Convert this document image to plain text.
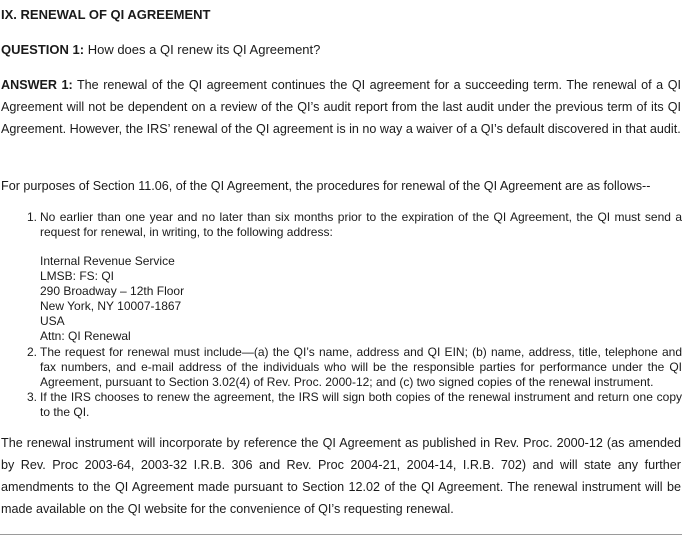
IX. RENEWAL OF QI AGREEMENT
QUESTION 1: How does a QI renew its QI Agreement?
ANSWER 1: The renewal of the QI agreement continues the QI agreement for a succeeding term. The renewal of a QI Agreement will not be dependent on a review of the QI’s audit report from the last audit under the previous term of its QI Agreement. However, the IRS’ renewal of the QI agreement is in no way a waiver of a QI’s default discovered in that audit.
For purposes of Section 11.06, of the QI Agreement, the procedures for renewal of the QI Agreement are as follows--
1. No earlier than one year and no later than six months prior to the expiration of the QI Agreement, the QI must send a request for renewal, in writing, to the following address:
Internal Revenue Service
LMSB: FS: QI
290 Broadway – 12th Floor
New York, NY 10007-1867
USA
Attn: QI Renewal
2. The request for renewal must include—(a) the QI’s name, address and QI EIN; (b) name, address, title, telephone and fax numbers, and e-mail address of the individuals who will be the responsible parties for performance under the QI Agreement, pursuant to Section 3.02(4) of Rev. Proc. 2000-12; and (c) two signed copies of the renewal instrument.
3. If the IRS chooses to renew the agreement, the IRS will sign both copies of the renewal instrument and return one copy to the QI.
The renewal instrument will incorporate by reference the QI Agreement as published in Rev. Proc. 2000-12 (as amended by Rev. Proc 2003-64, 2003-32 I.R.B. 306 and Rev. Proc 2004-21, 2004-14, I.R.B. 702) and will state any further amendments to the QI Agreement made pursuant to Section 12.02 of the QI Agreement. The renewal instrument will be made available on the QI website for the convenience of QI’s requesting renewal.
